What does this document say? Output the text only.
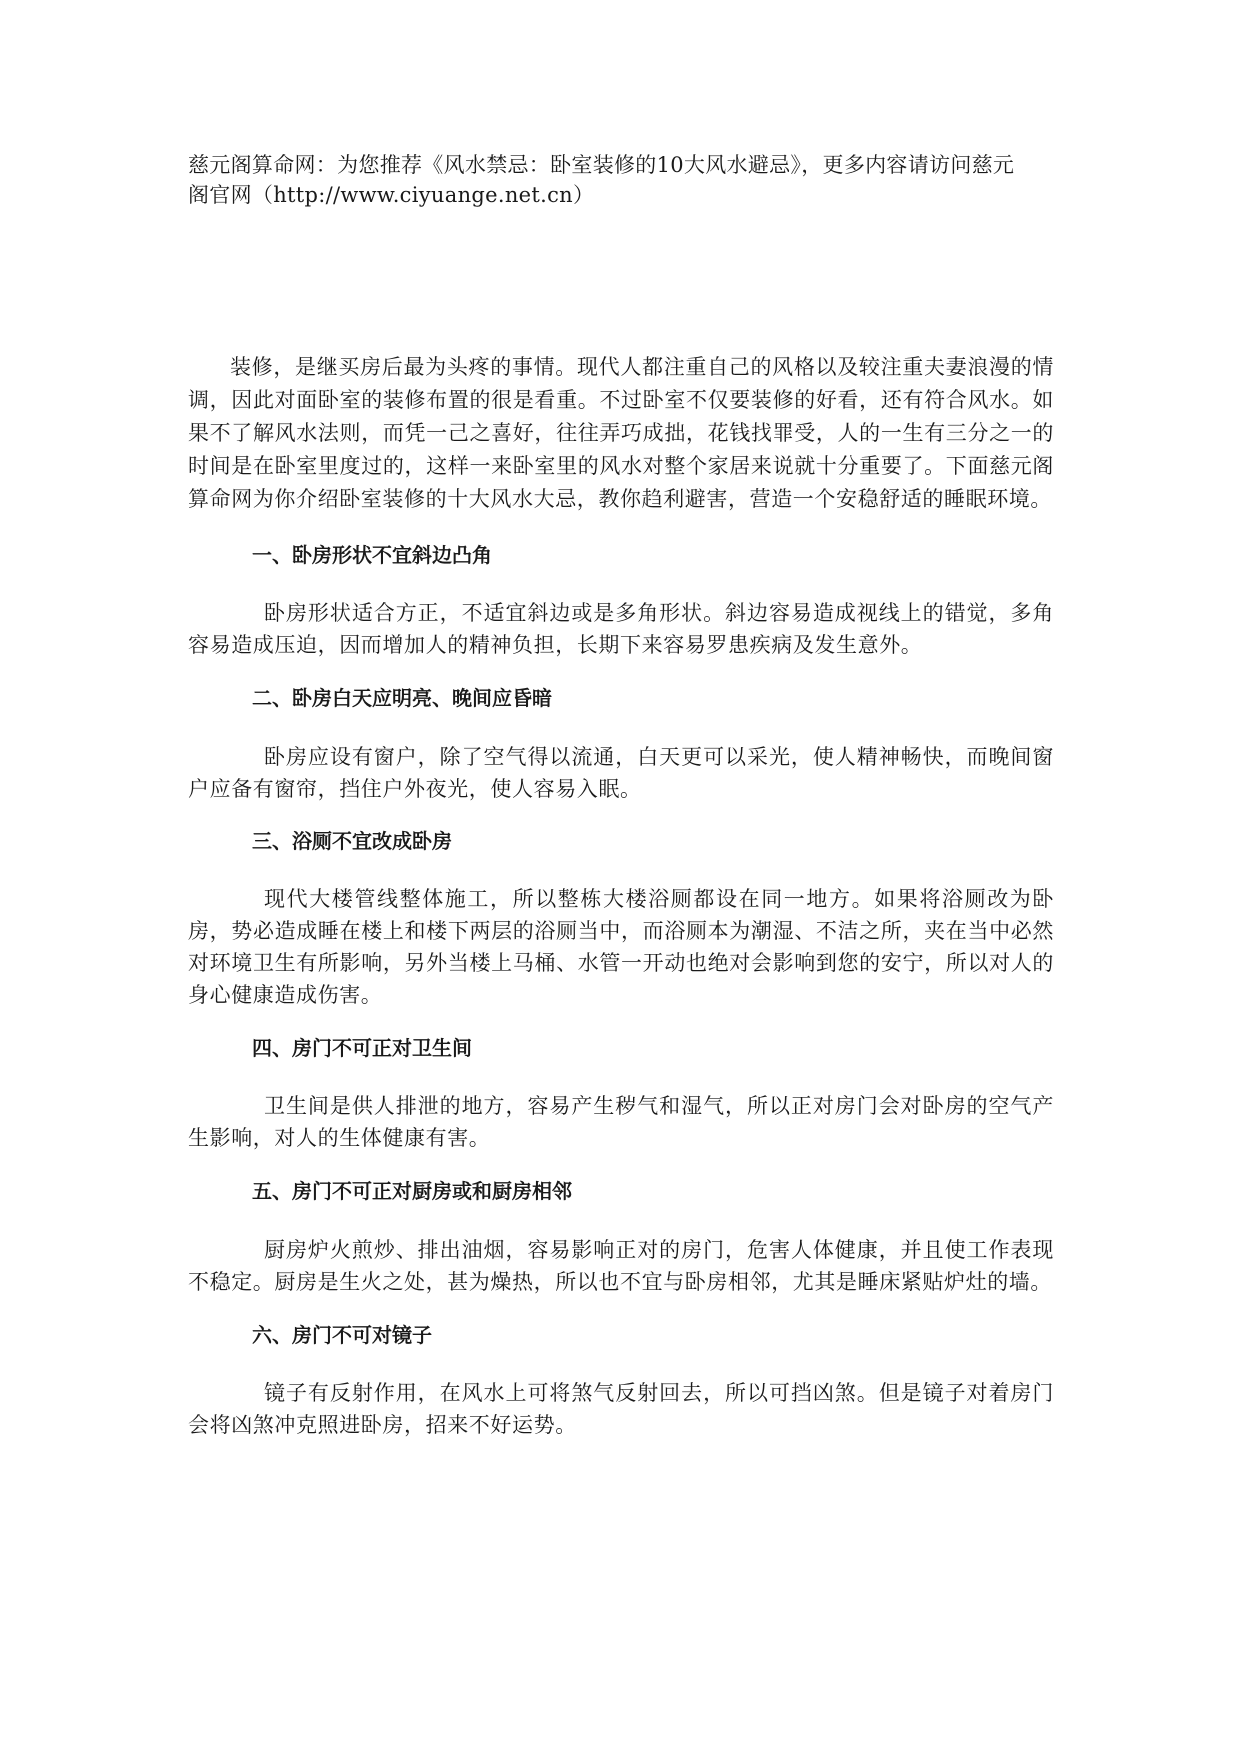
慈元阁算命网：为您推荐《风水禁忌：卧室装修的10大风水避忌》，更多内容请访问慈元
阁官网（http://www.ciyuange.net.cn）

装修，是继买房后最为头疼的事情。现代人都注重自己的风格以及较注重夫妻浪漫的情调，因此对面卧室的装修布置的很是看重。不过卧室不仅要装修的好看，还有符合风水。如果不了解风水法则，而凭一己之喜好，往往弄巧成拙，花钱找罪受，人的一生有三分之一的时间是在卧室里度过的，这样一来卧室里的风水对整个家居来说就十分重要了。下面慈元阁算命网为你介绍卧室装修的十大风水大忌，教你趋利避害，营造一个安稳舒适的睡眠环境。

一、卧房形状不宜斜边凸角

卧房形状适合方正，不适宜斜边或是多角形状。斜边容易造成视线上的错觉，多角容易造成压迫，因而增加人的精神负担，长期下来容易罗患疾病及发生意外。

二、卧房白天应明亮、晚间应昏暗

卧房应设有窗户，除了空气得以流通，白天更可以采光，使人精神畅快，而晚间窗户应备有窗帘，挡住户外夜光，使人容易入眠。

三、浴厕不宜改成卧房

现代大楼管线整体施工，所以整栋大楼浴厕都设在同一地方。如果将浴厕改为卧房，势必造成睡在楼上和楼下两层的浴厕当中，而浴厕本为潮湿、不洁之所，夹在当中必然对环境卫生有所影响，另外当楼上马桶、水管一开动也绝对会影响到您的安宁，所以对人的身心健康造成伤害。

四、房门不可正对卫生间

卫生间是供人排泄的地方，容易产生秽气和湿气，所以正对房门会对卧房的空气产生影响，对人的生体健康有害。

五、房门不可正对厨房或和厨房相邻

厨房炉火煎炒、排出油烟，容易影响正对的房门，危害人体健康，并且使工作表现不稳定。厨房是生火之处，甚为燥热，所以也不宜与卧房相邻，尤其是睡床紧贴炉灶的墙。

六、房门不可对镜子

镜子有反射作用，在风水上可将煞气反射回去，所以可挡凶煞。但是镜子对着房门会将凶煞冲克照进卧房，招来不好运势。
